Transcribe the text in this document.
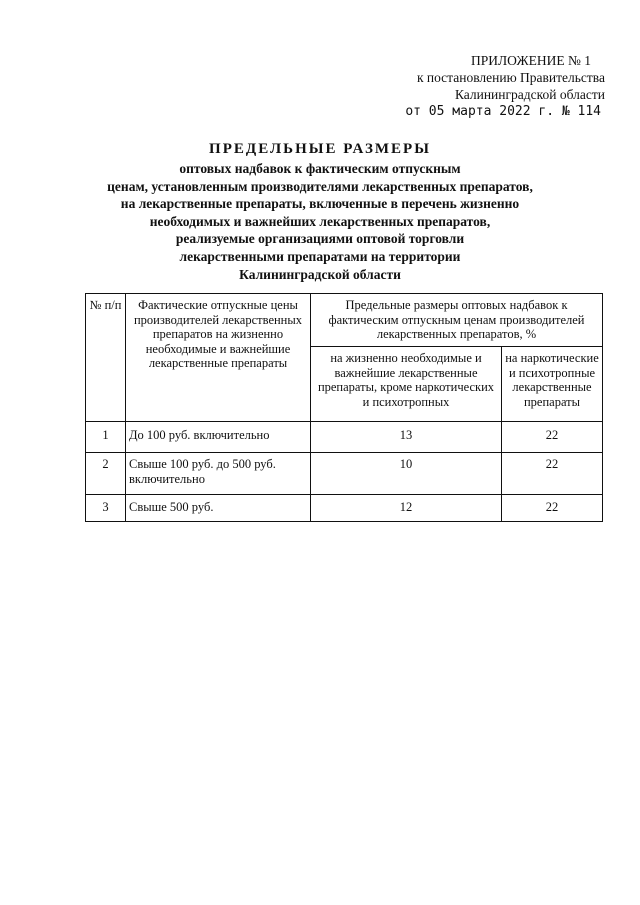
ПРИЛОЖЕНИЕ № 1
к постановлению Правительства
Калининградской области
от 05 марта 2022 г. № 114
ПРЕДЕЛЬНЫЕ РАЗМЕРЫ
оптовых надбавок к фактическим отпускным
ценам, установленным производителями лекарственных препаратов,
на лекарственные препараты, включенные в перечень жизненно
необходимых и важнейших лекарственных препаратов,
реализуемые организациями оптовой торговли
лекарственными препаратами на территории
Калининградской области
№ п/п	Фактические отпускные цены производителей лекарственных препаратов на жизненно необходимые и важнейшие лекарственные препараты	Предельные размеры оптовых надбавок к фактическим отпускным ценам производителей лекарственных препаратов, %	
		на жизненно необходимые и важнейшие лекарственные препараты, кроме наркотических и психотропных	на наркотические и психотропные лекарственные препараты
1	До 100 руб. включительно	13	22
2	Свыше 100 руб. до 500 руб. включительно	10	22
3	Свыше 500 руб.	12	22
